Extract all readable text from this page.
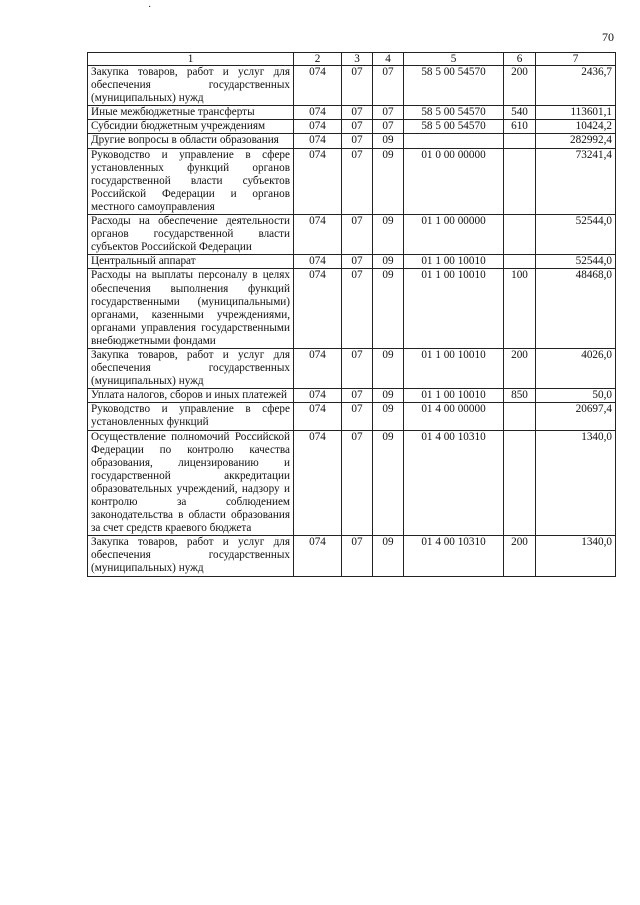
·
70
1	2	3	4	5	6	7
Закупка товаров, работ и услуг для обеспечения государственных (муниципальных) нужд	074	07	07	58 5 00 54570	200	2436,7
Иные межбюджетные трансферты	074	07	07	58 5 00 54570	540	113601,1
Субсидии бюджетным учреждениям	074	07	07	58 5 00 54570	610	10424,2
Другие вопросы в области образования	074	07	09			282992,4
Руководство и управление в сфере установленных функций органов государственной власти субъектов Российской Федерации и органов местного самоуправления	074	07	09	01 0 00 00000		73241,4
Расходы на обеспечение деятельности органов государственной власти субъектов Российской Федерации	074	07	09	01 1 00 00000		52544,0
Центральный аппарат	074	07	09	01 1 00 10010		52544,0
Расходы на выплаты персоналу в целях обеспечения выполнения функций государственными (муниципальными) органами, казенными учреждениями, органами управления государственными внебюджетными фондами	074	07	09	01 1 00 10010	100	48468,0
Закупка товаров, работ и услуг для обеспечения государственных (муниципальных) нужд	074	07	09	01 1 00 10010	200	4026,0
Уплата налогов, сборов и иных платежей	074	07	09	01 1 00 10010	850	50,0
Руководство и управление в сфере установленных функций	074	07	09	01 4 00 00000		20697,4
Осуществление полномочий Российской Федерации по контролю качества образования, лицензированию и государственной аккредитации образовательных учреждений, надзору и контролю за соблюдением законодательства в области образования за счет средств краевого бюджета	074	07	09	01 4 00 10310		1340,0
Закупка товаров, работ и услуг для обеспечения государственных (муниципальных) нужд	074	07	09	01 4 00 10310	200	1340,0
